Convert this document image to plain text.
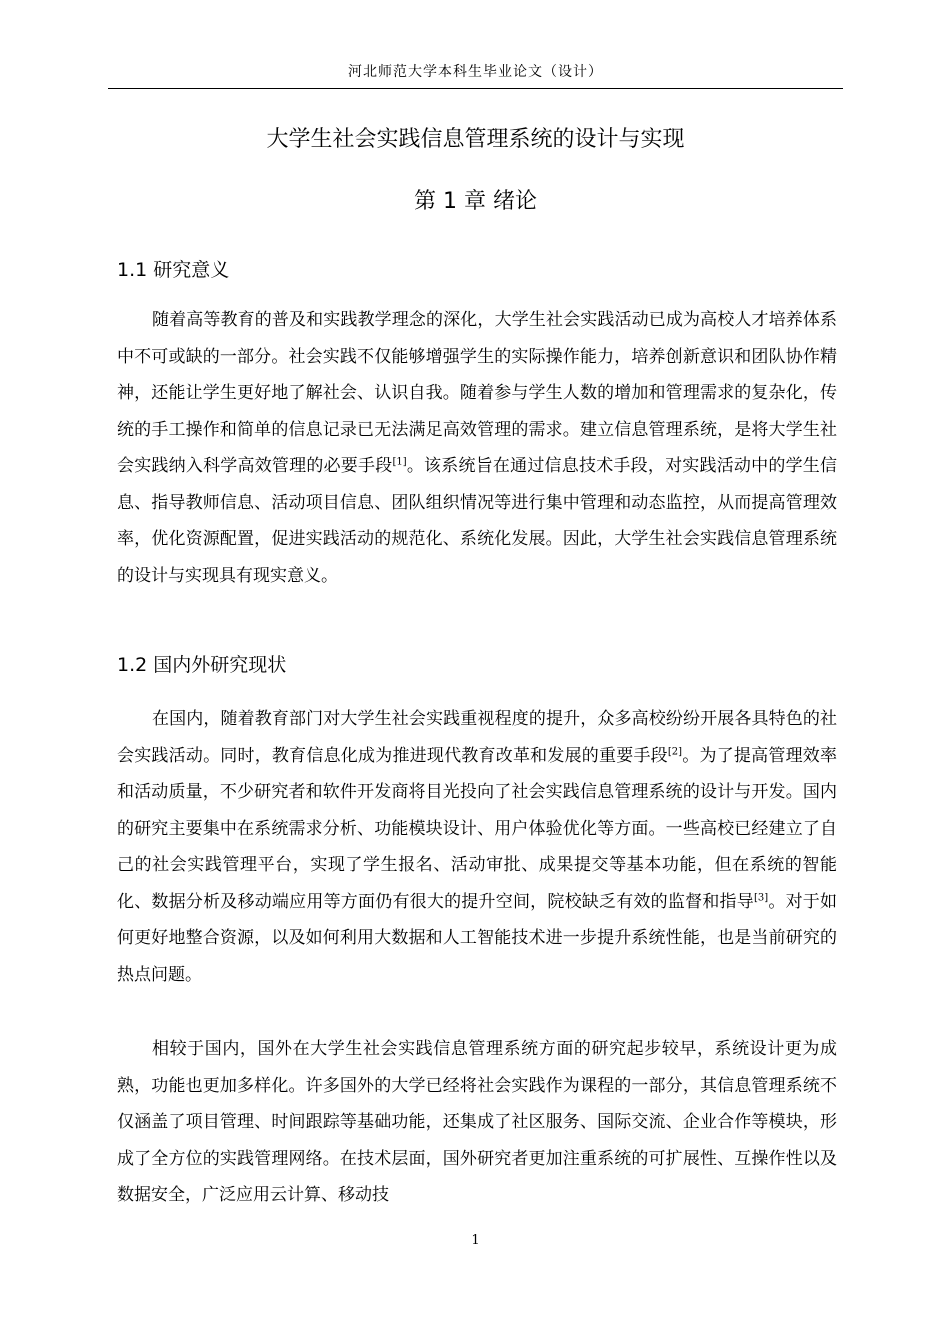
河北师范大学本科生毕业论文（设计）
大学生社会实践信息管理系统的设计与实现
第 1 章 绪论
1.1 研究意义

随着高等教育的普及和实践教学理念的深化，大学生社会实践活动已成为高校人才培养体系中不可或缺的一部分。社会实践不仅能够增强学生的实际操作能力，培养创新意识和团队协作精神，还能让学生更好地了解社会、认识自我。随着参与学生人数的增加和管理需求的复杂化，传统的手工操作和简单的信息记录已无法满足高效管理的需求。建立信息管理系统，是将大学生社会实践纳入科学高效管理的必要手段[1]。该系统旨在通过信息技术手段，对实践活动中的学生信息、指导教师信息、活动项目信息、团队组织情况等进行集中管理和动态监控，从而提高管理效率，优化资源配置，促进实践活动的规范化、系统化发展。因此，大学生社会实践信息管理系统的设计与实现具有现实意义。

1.2 国内外研究现状

在国内，随着教育部门对大学生社会实践重视程度的提升，众多高校纷纷开展各具特色的社会实践活动。同时，教育信息化成为推进现代教育改革和发展的重要手段[2]。为了提高管理效率和活动质量，不少研究者和软件开发商将目光投向了社会实践信息管理系统的设计与开发。国内的研究主要集中在系统需求分析、功能模块设计、用户体验优化等方面。一些高校已经建立了自己的社会实践管理平台，实现了学生报名、活动审批、成果提交等基本功能，但在系统的智能化、数据分析及移动端应用等方面仍有很大的提升空间，院校缺乏有效的监督和指导[3]。对于如何更好地整合资源，以及如何利用大数据和人工智能技术进一步提升系统性能，也是当前研究的热点问题。

相较于国内，国外在大学生社会实践信息管理系统方面的研究起步较早，系统设计更为成熟，功能也更加多样化。许多国外的大学已经将社会实践作为课程的一部分，其信息管理系统不仅涵盖了项目管理、时间跟踪等基础功能，还集成了社区服务、国际交流、企业合作等模块，形成了全方位的实践管理网络。在技术层面，国外研究者更加注重系统的可扩展性、互操作性以及数据安全，广泛应用云计算、移动技

1
